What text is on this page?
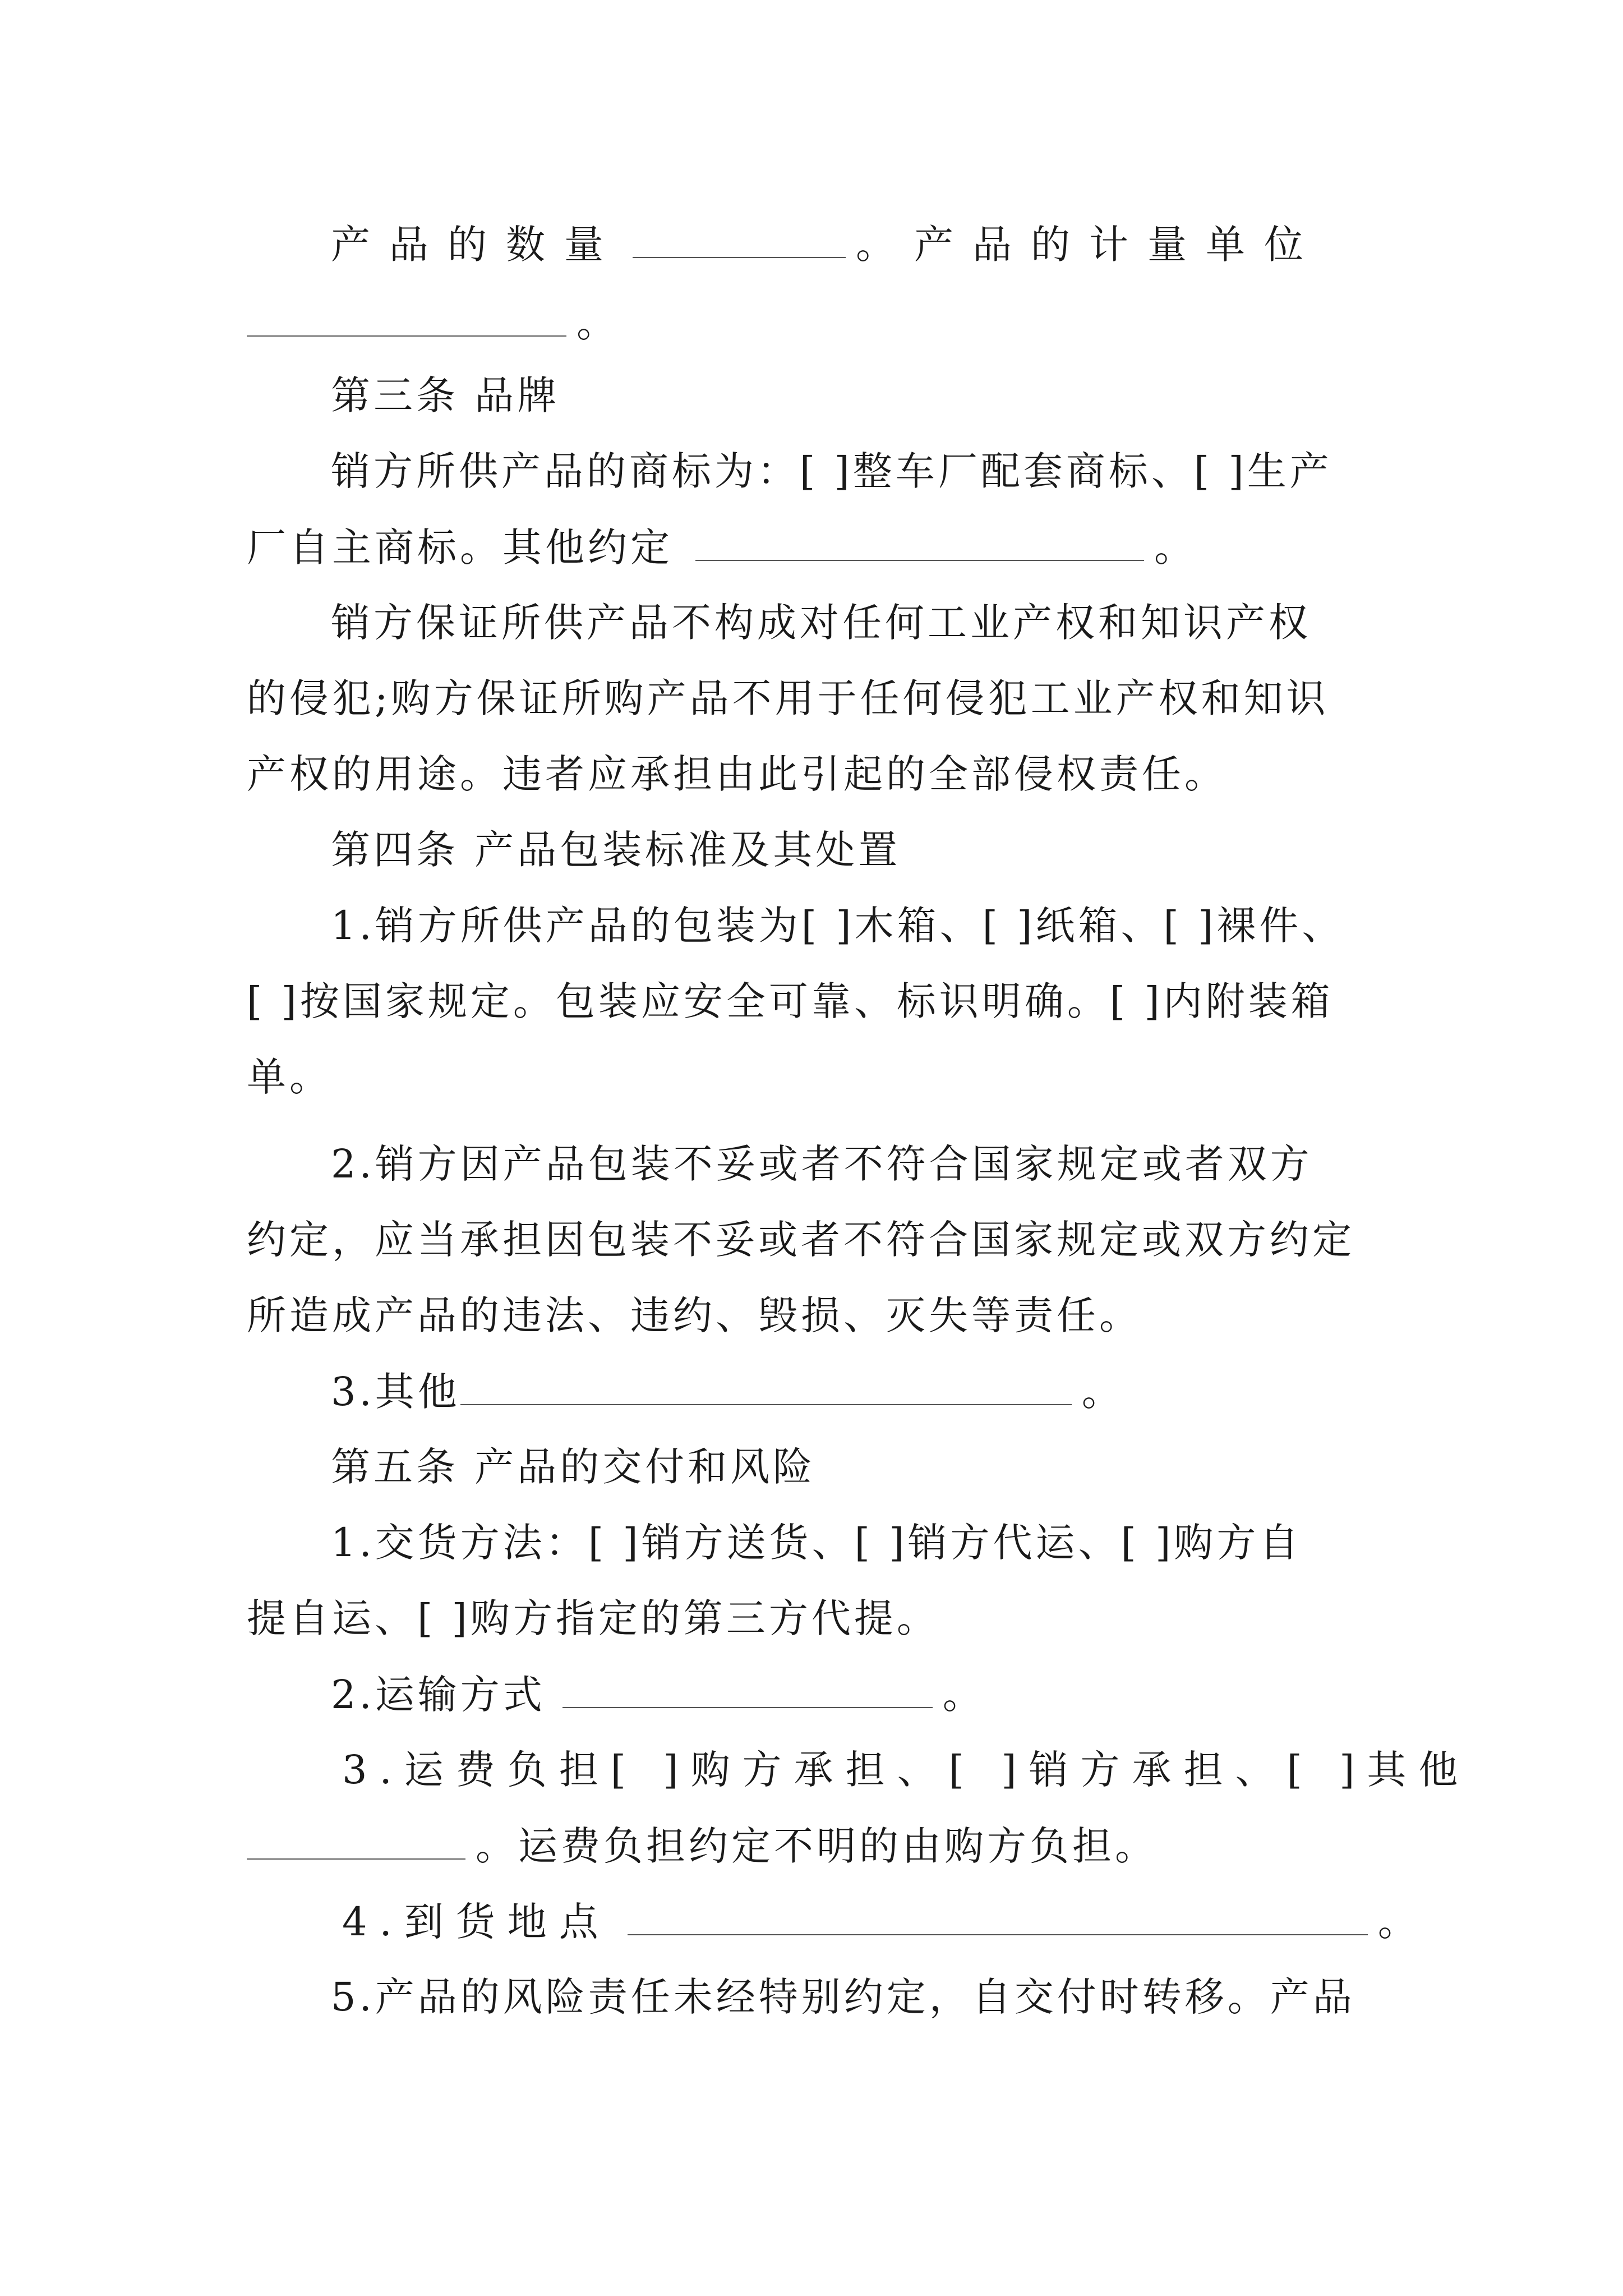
产品的数量	。产品的计量单位
。
第三条 品牌
销方所供产品的商标为：[ ]整车厂配套商标、[ ]生产
厂自主商标。其他约定	。
销方保证所供产品不构成对任何工业产权和知识产权
的侵犯;购方保证所购产品不用于任何侵犯工业产权和知识
产权的用途。违者应承担由此引起的全部侵权责任。
第四条 产品包装标准及其处置
1.销方所供产品的包装为[ ]木箱、[ ]纸箱、[ ]裸件、
[ ]按国家规定。包装应安全可靠、标识明确。[ ]内附装箱
单。
2.销方因产品包装不妥或者不符合国家规定或者双方
约定，应当承担因包装不妥或者不符合国家规定或双方约定
所造成产品的违法、违约、毁损、灭失等责任。
3.其他	。
第五条 产品的交付和风险
1.交货方法：[ ]销方送货、[ ]销方代运、[ ]购方自
提自运、[ ]购方指定的第三方代提。
2.运输方式	。
3.运费负担[ ]购方承担、[ ]销方承担、[ ]其他
。运费负担约定不明的由购方负担。
4.到货地点	。
5.产品的风险责任未经特别约定，自交付时转移。产品
